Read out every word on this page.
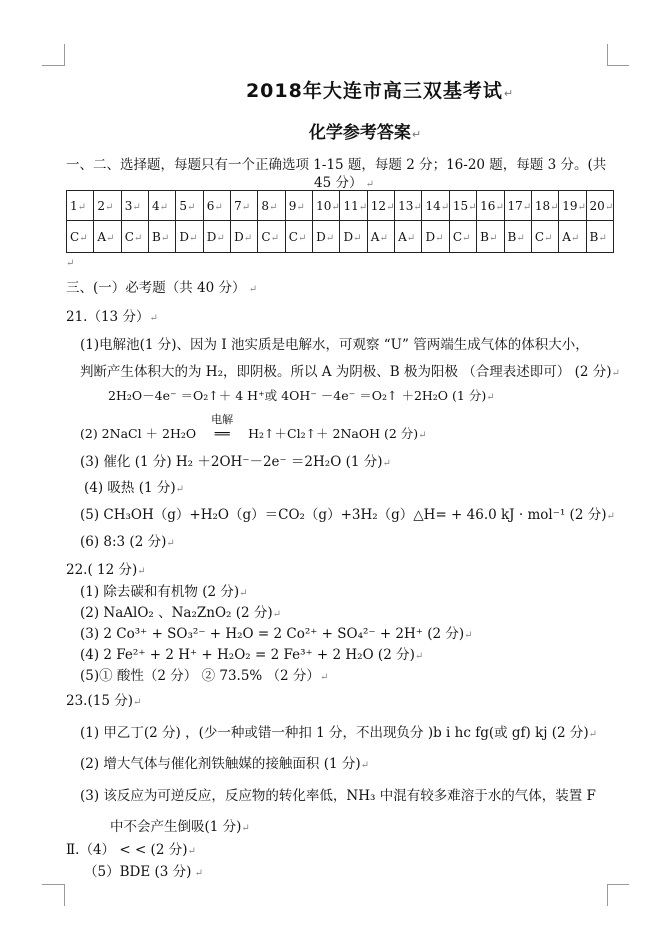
2018年大连市高三双基考试↵
化学参考答案↵
一、二、选择题，每题只有一个正确选项 1-15 题，每题 2 分；16-20 题，每题 3 分。(共
45 分） ↵
1↵	2↵	3↵	4↵	5↵	6↵	7↵	8↵	9↵	10↵	11↵	12↵	13↵	14↵	15↵	16↵	17↵	18↵	19↵	20↵
C↵	A↵	C↵	B↵	D↵	D↵	D↵	C↵	C↵	D↵	D↵	A↵	A↵	D↵	C↵	B↵	B↵	C↵	A↵	B↵
↵
三、(一）必考题（共 40 分） ↵
21.（13 分）↵
(1)电解池(1 分)、因为 I 池实质是电解水，可观察 “U” 管两端生成气体的体积大小，
判断产生体积大的为 H₂，即阴极。所以 A 为阴极、B 极为阳极 （合理表述即可） (2 分)↵
2H₂O－4e⁻ ＝O₂↑＋ 4 H⁺或 4OH⁻ －4e⁻ ＝O₂↑ ＋2H₂O (1 分)↵
(2) 2NaCl ＋ 2H₂O
电解
══ H₂↑＋Cl₂↑＋ 2NaOH (2 分)↵
(3) 催化 (1 分) H₂ ＋2OH⁻－2e⁻ ＝2H₂O (1 分)↵
(4) 吸热 (1 分)↵
(5) CH₃OH（g）+H₂O（g）＝CO₂（g）+3H₂（g）△H= + 46.0 kJ · mol⁻¹ (2 分)↵
(6) 8:3 (2 分)↵
22.( 12 分)↵
(1) 除去碳和有机物 (2 分)↵
(2) NaAlO₂ 、Na₂ZnO₂ (2 分)↵
(3) 2 Co³⁺ + SO₃²⁻ + H₂O = 2 Co²⁺ + SO₄²⁻ + 2H⁺ (2 分)↵
(4) 2 Fe²⁺ + 2 H⁺ + H₂O₂ = 2 Fe³⁺ + 2 H₂O (2 分)↵
(5)① 酸性（2 分） ② 73.5% （2 分）↵
23.(15 分)↵
(1) 甲乙丁(2 分) ，(少一种或错一种扣 1 分，不出现负分 )b i hc fg(或 gf) kj (2 分)↵
(2) 增大气体与催化剂铁触媒的接触面积 (1 分)↵
(3) 该反应为可逆反应，反应物的转化率低，NH₃ 中混有较多难溶于水的气体，装置 F
中不会产生倒吸(1 分)↵
Ⅱ.（4） < < (2 分)↵
（5）BDE (3 分) ↵
